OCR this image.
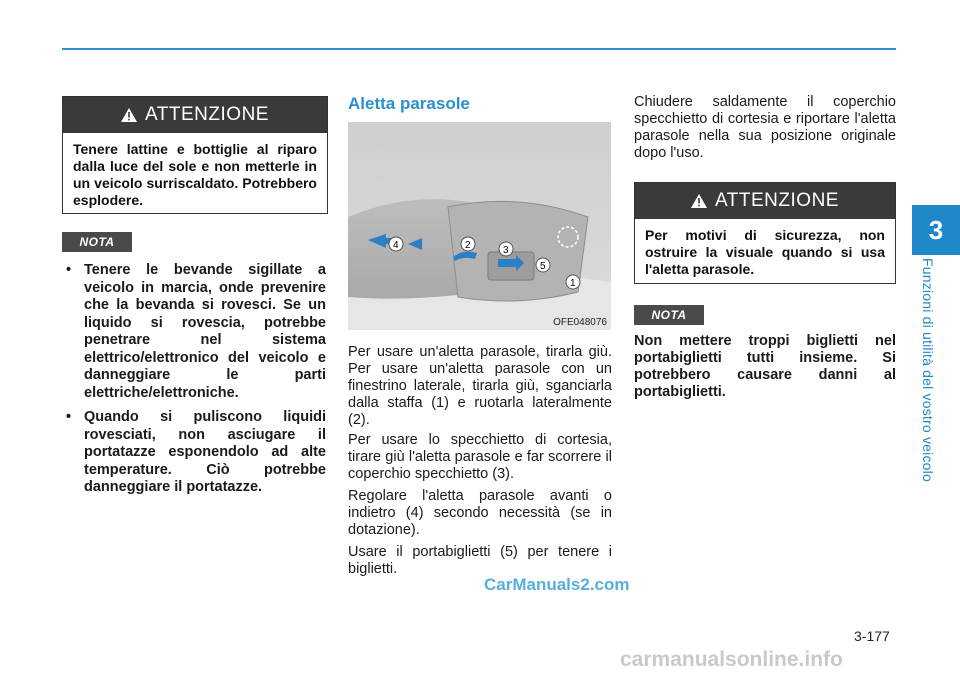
3
Funzioni di utilità del vostro veicolo
ATTENZIONE
Tenere lattine e bottiglie al riparo dalla luce del sole e non metterle in un veicolo surriscaldato. Potrebbero esplodere.
NOTA
• Tenere le bevande sigillate a veicolo in marcia, onde prevenire che la bevanda si rovesci. Se un liquido si rovescia, potrebbe penetrare nel sistema elettrico/elettronico del veicolo e danneggiare le parti elettriche/elettroniche.
• Quando si puliscono liquidi rovesciati, non asciugare il portatazze esponendolo ad alte temperature. Ciò potrebbe danneggiare il portatazze.
Aletta parasole
1
2	3
4
5
OFE048076

Per usare un'aletta parasole, tirarla giù. Per usare un'aletta parasole con un finestrino laterale, tirarla giù, sganciarla dalla staffa (1) e ruotarla lateralmente (2).

Per usare lo specchietto di cortesia, tirare giù l'aletta parasole e far scorrere il coperchio specchietto (3).

Regolare l'aletta parasole avanti o indietro (4) secondo necessità (se in dotazione).

Usare il portabiglietti (5) per tenere i biglietti.

Chiudere saldamente il coperchio specchietto di cortesia e riportare l'aletta parasole nella sua posizione originale dopo l'uso.

ATTENZIONE
Per motivi di sicurezza, non ostruire la visuale quando si usa l'aletta parasole.
NOTA

Non mettere troppi biglietti nel portabiglietti tutti insieme. Si potrebbero causare danni al portabiglietti.

CarManuals2.com
3-177
carmanualsonline.info
